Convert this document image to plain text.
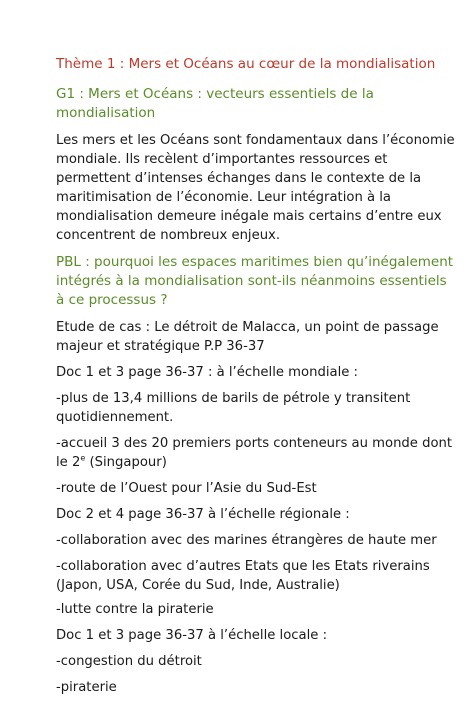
Thème 1 : Mers et Océans au cœur de la mondialisation

G1 : Mers et Océans : vecteurs essentiels de la mondialisation

Les mers et les Océans sont fondamentaux dans l’économie mondiale. Ils recèlent d’importantes ressources et permettent d’intenses échanges dans le contexte de la maritimisation de l’économie. Leur intégration à la mondialisation demeure inégale mais certains d’entre eux concentrent de nombreux enjeux.

PBL : pourquoi les espaces maritimes bien qu’inégalement intégrés à la mondialisation sont-ils néanmoins essentiels à ce processus ?

Etude de cas : Le détroit de Malacca, un point de passage majeur et stratégique P.P 36-37

Doc 1 et 3 page 36-37 : à l’échelle mondiale :

-plus de 13,4 millions de barils de pétrole y transitent quotidiennement.

-accueil 3 des 20 premiers ports conteneurs au monde dont le 2e (Singapour)

-route de l’Ouest pour l’Asie du Sud-Est

Doc 2 et 4 page 36-37 à l’échelle régionale :

-collaboration avec des marines étrangères de haute mer

-collaboration avec d’autres Etats que les Etats riverains (Japon, USA, Corée du Sud, Inde, Australie)

-lutte contre la piraterie

Doc 1 et 3 page 36-37 à l’échelle locale :

-congestion du détroit

-piraterie
